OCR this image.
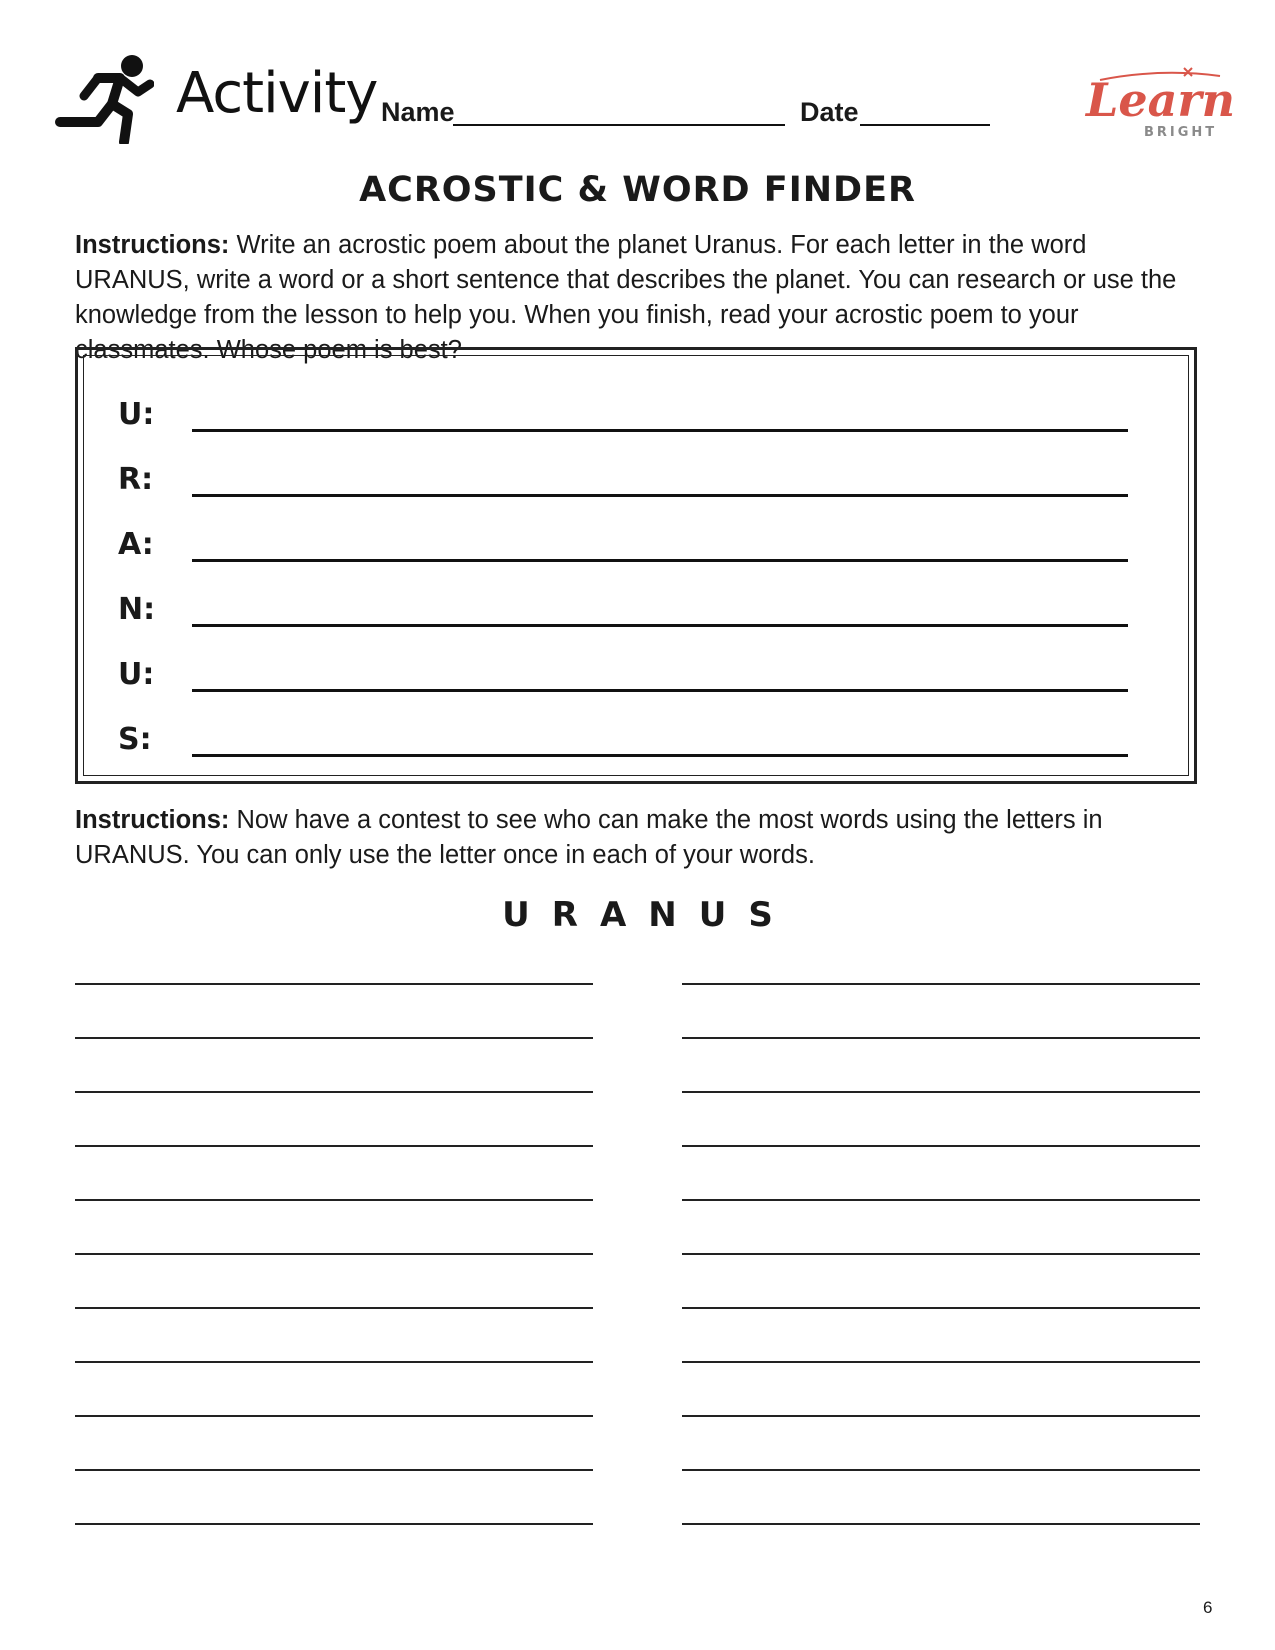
Activity Name	Date	Learn
BRIGHT
ACROSTIC & WORD FINDER
Instructions: Write an acrostic poem about the planet Uranus. For each letter in the word URANUS, write a word or a short sentence that describes the planet. You can research or use the knowledge from the lesson to help you. When you finish, read your acrostic poem to your classmates. Whose poem is best?
U:
R:
A:
N:
U:
S:
Instructions: Now have a contest to see who can make the most words using the letters in URANUS. You can only use the letter once in each of your words.
URANUS
6
